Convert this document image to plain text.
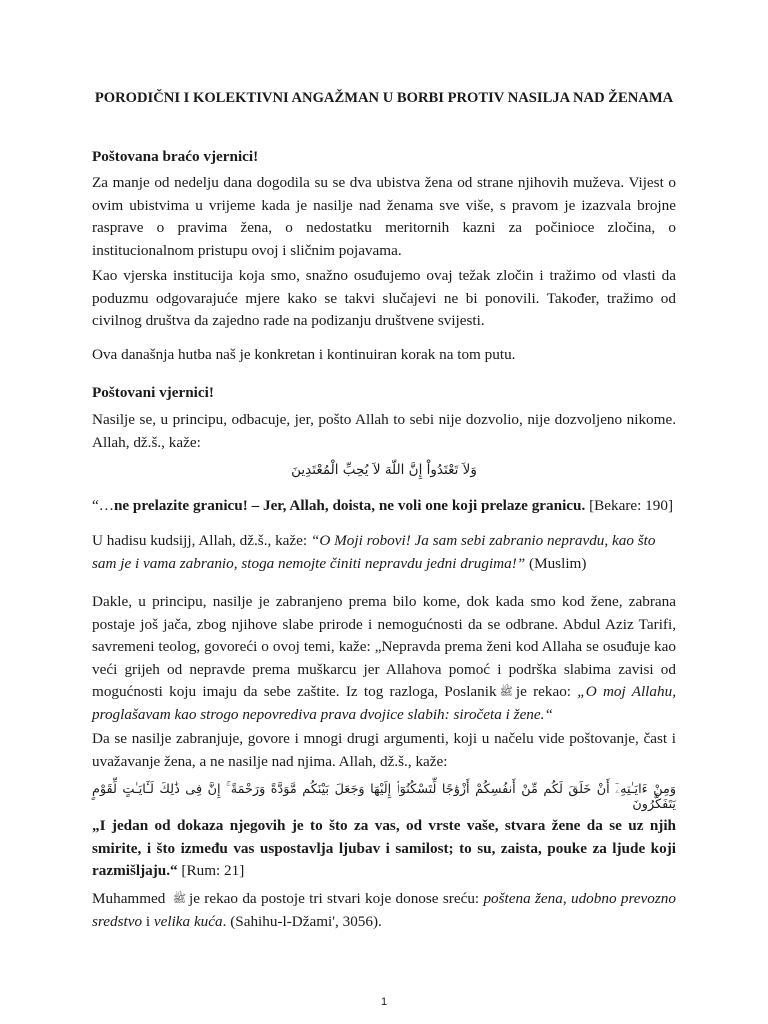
PORODIČNI I KOLEKTIVNI ANGAŽMAN U BORBI PROTIV NASILJA NAD ŽENAMA

Poštovana braćo vjernici!

Za manje od nedelju dana dogodila su se dva ubistva žena od strane njihovih muževa. Vijest o ovim ubistvima u vrijeme kada je nasilje nad ženama sve više, s pravom je izazvala brojne rasprave o pravima žena, o nedostatku meritornih kazni za počinioce zločina, o institucionalnom pristupu ovoj i sličnim pojavama.

Kao vjerska institucija koja smo, snažno osuđujemo ovaj težak zločin i tražimo od vlasti da poduzmu odgovarajuće mjere kako se takvi slučajevi ne bi ponovili. Također, tražimo od civilnog društva da zajedno rade na podizanju društvene svijesti.

Ova današnja hutba naš je konkretan i kontinuiran korak na tom putu.

Poštovani vjernici!

Nasilje se, u principu, odbacuje, jer, pošto Allah to sebi nije dozvolio, nije dozvoljeno nikome. Allah, dž.š., kaže:

وَلاَ تَعْتَدُواْ إِنَّ اللّهَ لاَ يُحِبِّ الْمُعْتَدِينَ

“…ne prelazite granicu! – Jer, Allah, doista, ne voli one koji prelaze granicu. [Bekare: 190]

U hadisu kudsijj, Allah, dž.š., kaže: “O Moji robovi! Ja sam sebi zabranio nepravdu, kao što sam je i vama zabranio, stoga nemojte činiti nepravdu jedni drugima!” (Muslim)

Dakle, u principu, nasilje je zabranjeno prema bilo kome, dok kada smo kod žene, zabrana postaje još jača, zbog njihove slabe prirode i nemogućnosti da se odbrane. Abdul Aziz Tarifi, savremeni teolog, govoreći o ovoj temi, kaže: „Nepravda prema ženi kod Allaha se osuđuje kao veći grijeh od nepravde prema muškarcu jer Allahova pomoć i podrška slabima zavisi od mogućnosti koju imaju da sebe zaštite. Iz tog razloga, Poslanik ﷺ je rekao: „O moj Allahu, proglašavam kao strogo nepovrediva prava dvojice slabih: siročeta i žene.“

Da se nasilje zabranjuje, govore i mnogi drugi argumenti, koji u načelu vide poštovanje, čast i uvažavanje žena, a ne nasilje nad njima. Allah, dž.š., kaže:

وَمِنْ ءَايَـٰتِهِۦٓ أَنْ خَلَقَ لَكُم مِّنْ أَنفُسِكُمْ أَزْوَٰجًا لِّتَسْكُنُوٓا۟ إِلَيْهَا وَجَعَلَ بَيْنَكُم مَّوَدَّةً وَرَحْمَةً ۚ إِنَّ فِى ذَٰلِكَ لَـَٔايَـٰتٍ لِّقَوْمٍ يَتَفَكَّرُونَ

„I jedan od dokaza njegovih je to što za vas, od vrste vaše, stvara žene da se uz njih smirite, i što između vas uspostavlja ljubav i samilost; to su, zaista, pouke za ljude koji razmišljaju.“ [Rum: 21]

Muhammed ﷺ je rekao da postoje tri stvari koje donose sreću: poštena žena, udobno prevozno sredstvo i velika kuća. (Sahihu-l-Džami', 3056).

1
